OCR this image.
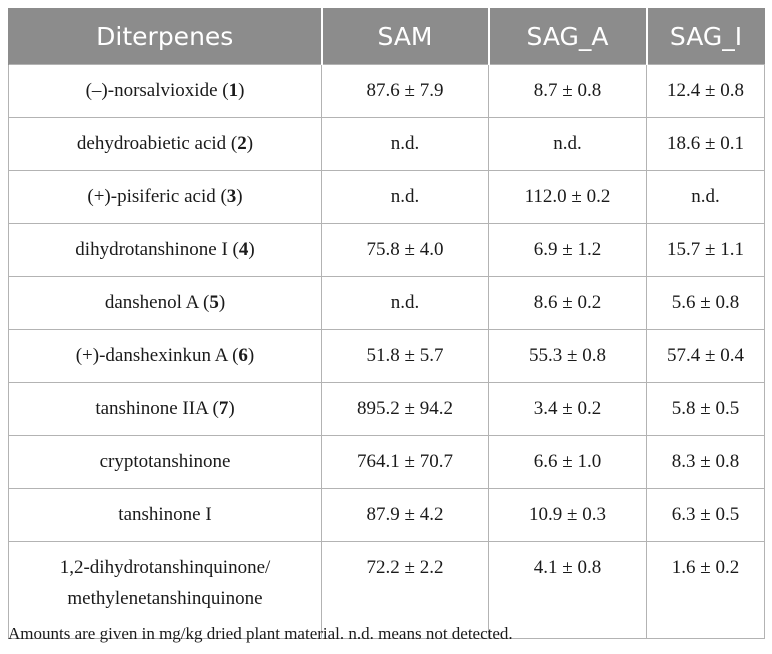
Diterpenes	SAM	SAG_A	SAG_I
(–)-norsalvioxide (1)	87.6 ± 7.9	8.7 ± 0.8	12.4 ± 0.8
dehydroabietic acid (2)	n.d.	n.d.	18.6 ± 0.1
(+)-pisiferic acid (3)	n.d.	112.0 ± 0.2	n.d.
dihydrotanshinone I (4)	75.8 ± 4.0	6.9 ± 1.2	15.7 ± 1.1
danshenol A (5)	n.d.	8.6 ± 0.2	5.6 ± 0.8
(+)-danshexinkun A (6)	51.8 ± 5.7	55.3 ± 0.8	57.4 ± 0.4
tanshinone IIA (7)	895.2 ± 94.2	3.4 ± 0.2	5.8 ± 0.5
cryptotanshinone	764.1 ± 70.7	6.6 ± 1.0	8.3 ± 0.8
tanshinone I	87.9 ± 4.2	10.9 ± 0.3	6.3 ± 0.5
1,2-dihydrotanshinquinone/
methylenetanshinquinone	72.2 ± 2.2	4.1 ± 0.8	1.6 ± 0.2
Amounts are given in mg/kg dried plant material. n.d. means not detected.
